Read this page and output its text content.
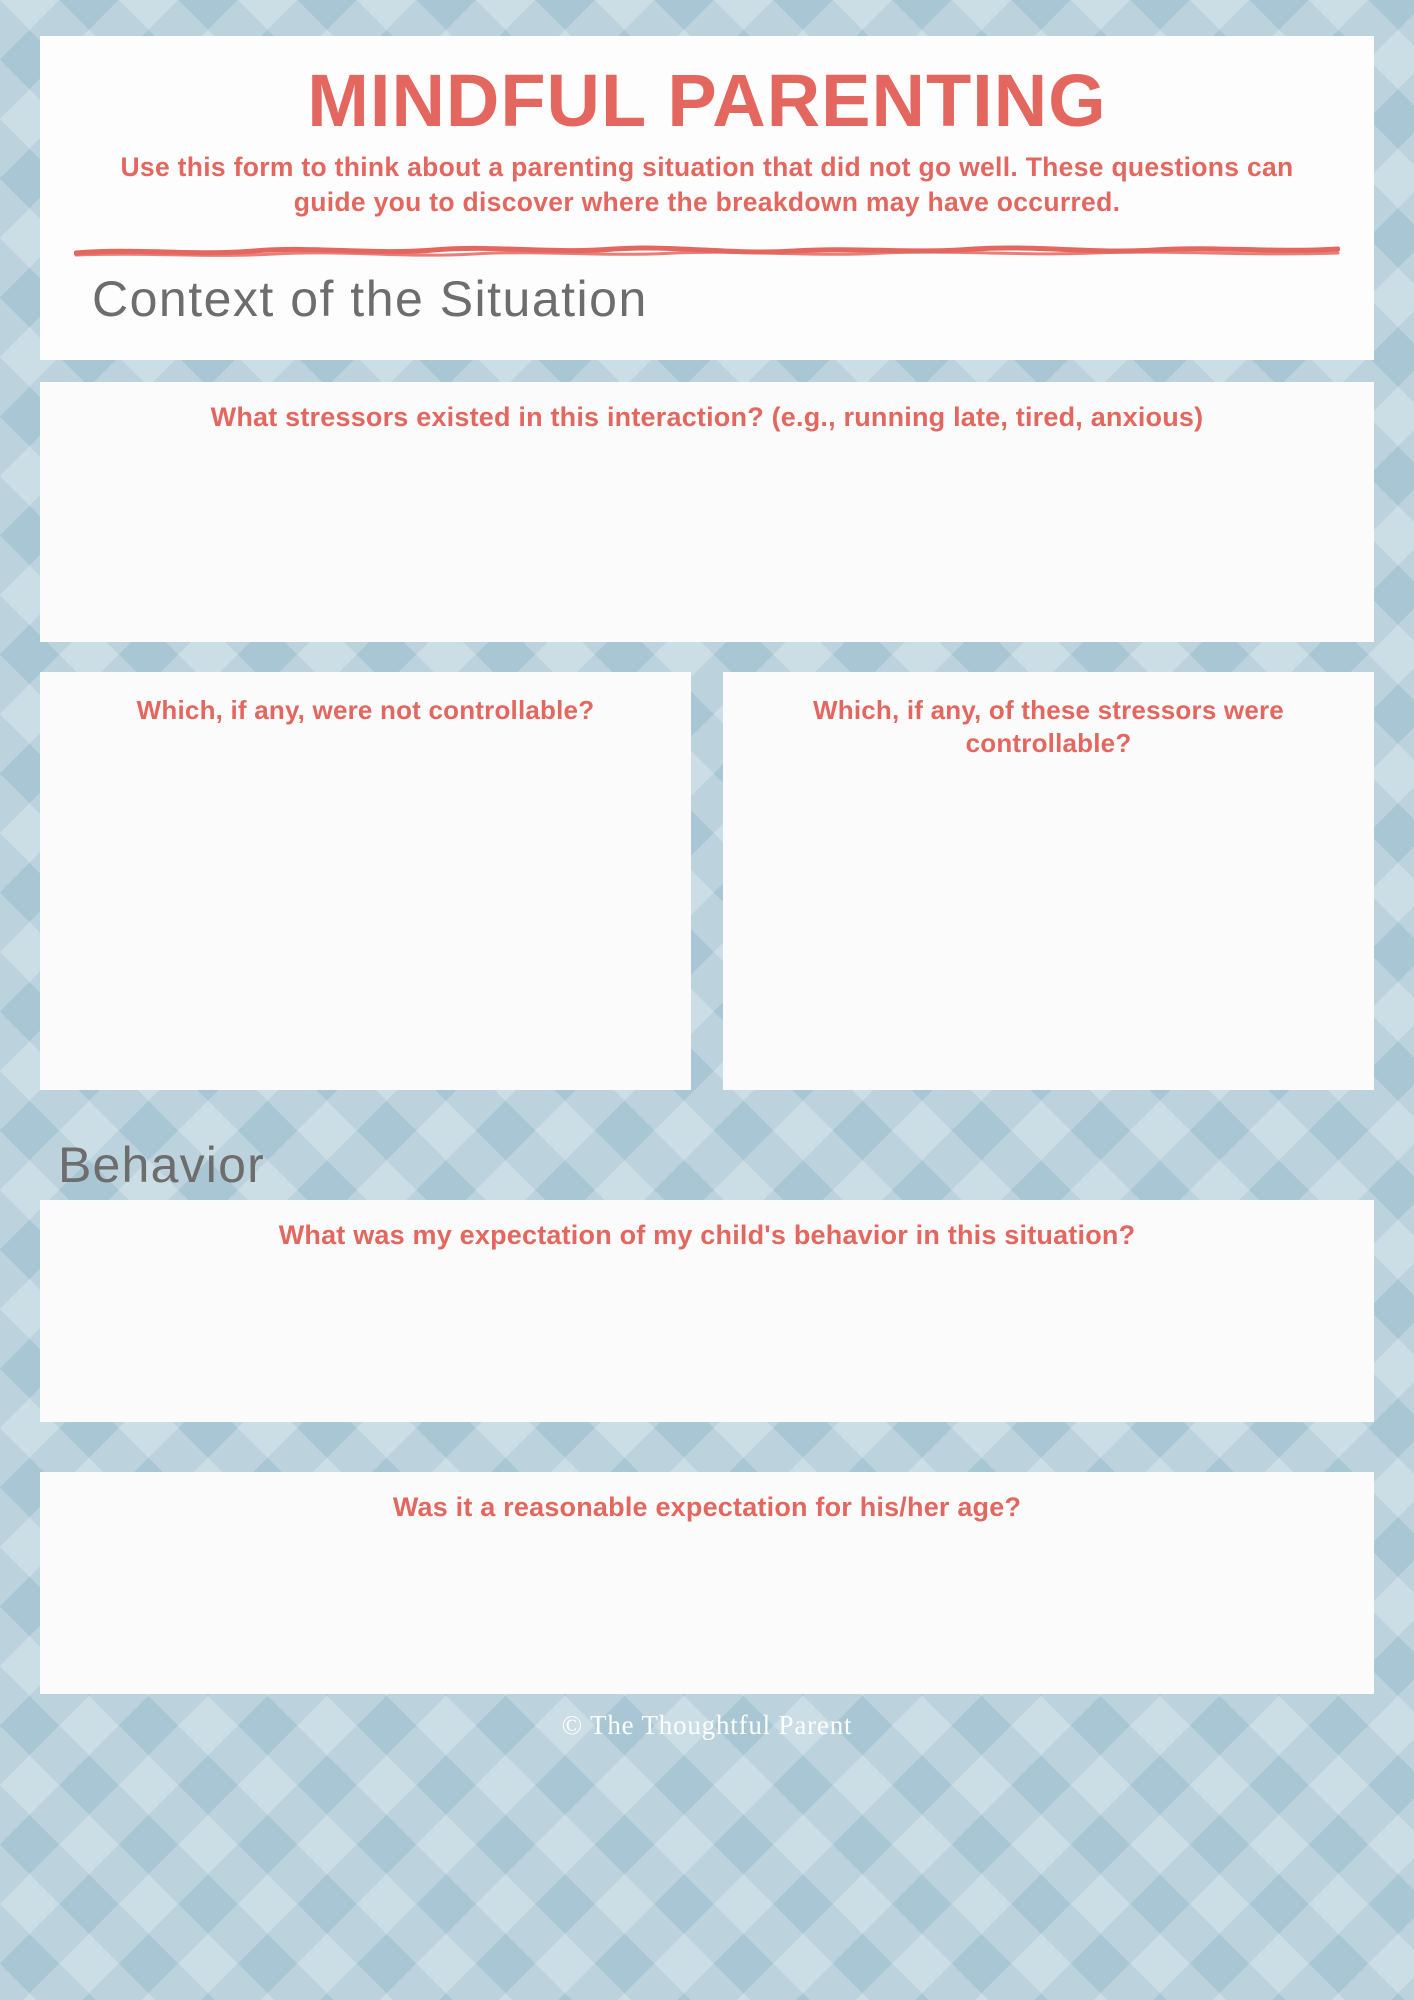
MINDFUL PARENTING
Use this form to think about a parenting situation that did not go well. These questions can guide you to discover where the breakdown may have occurred.
Context of the Situation
What stressors existed in this interaction? (e.g., running late, tired, anxious)
Which, if any, were not controllable?	Which, if any, of these stressors were controllable?
Behavior
What was my expectation of my child's behavior in this situation?
Was it a reasonable expectation for his/her age?
© The Thoughtful Parent
